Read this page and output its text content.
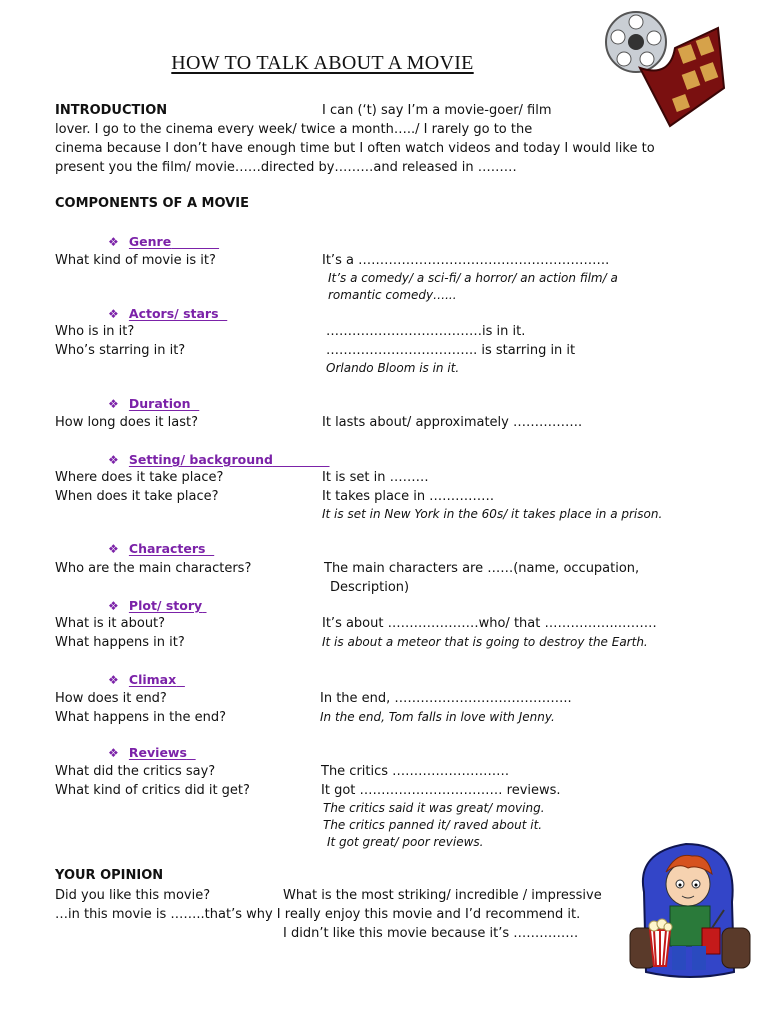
HOW TO TALK ABOUT A MOVIE
INTRODUCTION	I can (‘t) say I’m a movie-goer/ film
lover. I go to the cinema every week/ twice a month…../ I rarely go to the
cinema because I don’t have enough time but I often watch videos and today I would like to
present you the film/ movie……directed by………and released in ………
COMPONENTS OF A MOVIE
❖ Genre
What kind of movie is it?	It’s a ………………………………………………….
It’s a comedy/ a sci-fi/ a horror/ an action film/ a
romantic comedy…...
❖ Actors/ stars
Who is in it?	………………………………is in it.
Who’s starring in it?	…………………………….. is starring in it
Orlando Bloom is in it.
❖ Duration
How long does it last?	It lasts about/ approximately …………….
❖ Setting/ background
Where does it take place?	It is set in ………
When does it take place?	It takes place in ……………
It is set in New York in the 60s/ it takes place in a prison.
❖ Characters
Who are the main characters?	The main characters are ……(name, occupation,
Description)
❖ Plot/ story
What is it about?	It’s about …………………who/ that ……………..………
What happens in it?	It is about a meteor that is going to destroy the Earth.
❖ Climax
How does it end?	In the end, …………………………………..
What happens in the end?	In the end, Tom falls in love with Jenny.
❖ Reviews
What did the critics say?	The critics ………………………
What kind of critics did it get?	It got …………………………… reviews.
The critics said it was great/ moving.
The critics panned it/ raved about it.
It got great/ poor reviews.
YOUR OPINION
Did you like this movie?	What is the most striking/ incredible / impressive
…in this movie is ……..that’s why I really enjoy this movie and I’d recommend it.
I didn’t like this movie because it’s ……………
